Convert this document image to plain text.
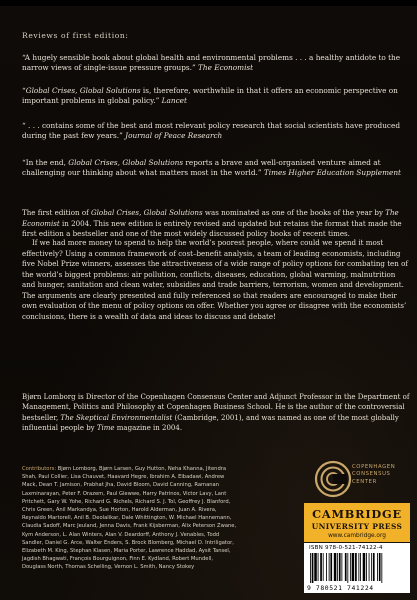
Reviews of first edition:
“A hugely sensible book about global health and environmental problems . . . a healthy antidote to the narrow views of single-issue pressure groups.” The Economist
“Global Crises, Global Solutions is, therefore, worthwhile in that it offers an economic perspective on important problems in global policy.” Lancet
“ . . . contains some of the best and most relevant policy research that social scientists have produced during the past few years.” Journal of Peace Research
“In the end, Global Crises, Global Solutions reports a brave and well-organised venture aimed at challenging our thinking about what matters most in the world.” Times Higher Education Supplement
The first edition of Global Crises, Global Solutions was nominated as one of the books of the year by The Economist in 2004. This new edition is entirely revised and updated but retains the format that made the first edition a bestseller and one of the most widely discussed policy books of recent times.
If we had more money to spend to help the world’s poorest people, where could we spend it most effectively? Using a common framework of cost–benefit analysis, a team of leading economists, including five Nobel Prize winners, assesses the attractiveness of a wide range of policy options for combating ten of the world’s biggest problems: air pollution, conflicts, diseases, education, global warming, malnutrition and hunger, sanitation and clean water, subsidies and trade barriers, terrorism, women and development. The arguments are clearly presented and fully referenced so that readers are encouraged to make their own evaluation of the menu of policy options on offer. Whether you agree or disagree with the economists’ conclusions, there is a wealth of data and ideas to discuss and debate!
Bjørn Lomborg is Director of the Copenhagen Consensus Center and Adjunct Professor in the Department of Management, Politics and Philosophy at Copenhagen Business School. He is the author of the controversial bestseller, The Skeptical Environmentalist (Cambridge, 2001), and was named as one of the most globally influential people by Time magazine in 2004.
Contributors: Bjørn Lomborg, Bjørn Larsen, Guy Hutton, Neha Khanna, Jitendra Shah, Paul Collier, Lisa Chauvet, Haavard Hegre, Ibrahim A. Elbadawi, Andrew Mack, Dean T. Jamison, Prabhat Jha, David Bloom, David Canning, Ramanan Laxminarayan, Peter F. Orazem, Paul Glewwe, Harry Patrinos, Victor Lavy, Lant Pritchett, Gary W. Yohe, Richard G. Richels, Richard S. J. Tol, Geoffrey J. Blanford, Chris Green, Anil Markandya, Sue Horton, Harold Alderman, Juan A. Rivera, Reynaldo Martorell, Anil B. Deolalikar, Dale Whittington, W. Michael Hannemann, Claudia Sadoff, Marc Jeuland, Jenna Davis, Frank Kijsberman, Alix Peterson Zwane, Kym Anderson, L. Alan Winters, Alan V. Deardorff, Anthony J. Venables, Todd Sandler, Daniel G. Arce, Walter Enders, S. Brock Blomberg, Michael D. Intriligator, Elizabeth M. King, Stephan Klasen, Maria Porter, Lawrence Haddad, Aysit Tansel, Jagdish Bhagwati, François Bourguignon, Finn E. Kydland, Robert Mundell, Douglass North, Thomas Schelling, Vernon L. Smith, Nancy Stokey
COPENHAGEN
CONSENSUS
CENTER
CAMBRIDGE
UNIVERSITY PRESS
www.cambridge.org
ISBN 978-0-521-74122-4
9 780521 741224
